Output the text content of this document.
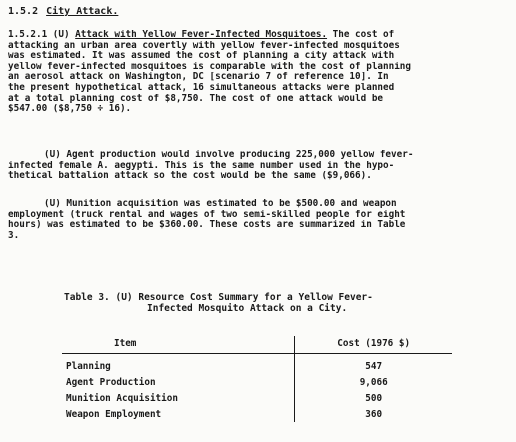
1.5.2 City Attack.
1.5.2.1 (U) Attack with Yellow Fever-Infected Mosquitoes. The cost of
attacking an urban area covertly with yellow fever-infected mosquitoes
was estimated. It was assumed the cost of planning a city attack with
yellow fever-infected mosquitoes is comparable with the cost of planning
an aerosol attack on Washington, DC [scenario 7 of reference 10]. In
the present hypothetical attack, 16 simultaneous attacks were planned
at a total planning cost of $8,750. The cost of one attack would be
$547.00 ($8,750 ÷ 16).
(U) Agent production would involve producing 225,000 yellow fever-
infected female A. aegypti. This is the same number used in the hypo-
thetical battalion attack so the cost would be the same ($9,066).
(U) Munition acquisition was estimated to be $500.00 and weapon
employment (truck rental and wages of two semi-skilled people for eight
hours) was estimated to be $360.00. These costs are summarized in Table
3.
Table 3. (U) Resource Cost Summary for a Yellow Fever-
Infected Mosquito Attack on a City.
Item	Cost (1976 $)
Planning	547
Agent Production	9,066
Munition Acquisition	500
Weapon Employment	360
